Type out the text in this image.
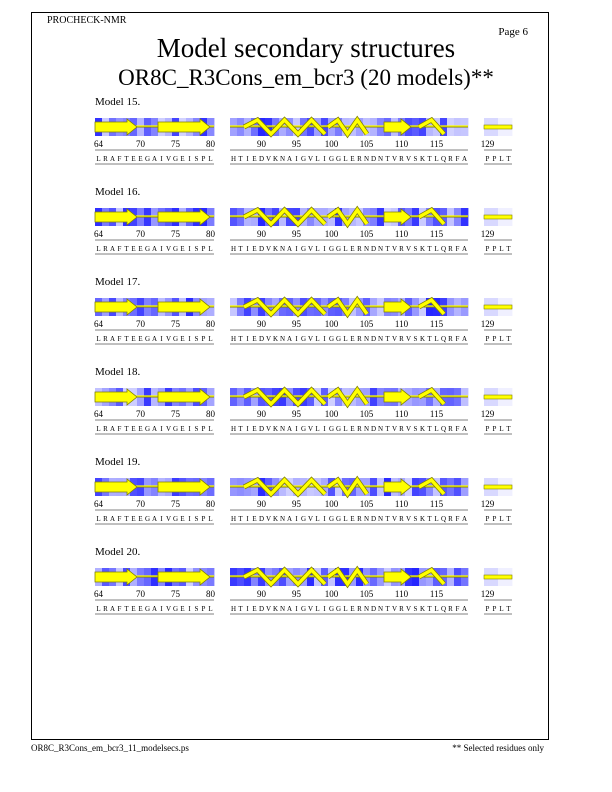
PROCHECK-NMR
Page 6
Model secondary structures
OR8C_R3Cons_em_bcr3 (20 models)**
Model 15.
64	70	75	80
L R A F T E E G A I V G E I S P L
90	95	100 105 110 115
H T I E D V K N A I G V L I G G L E R N D N T V R V S K T L Q R F A
129
P P L T
Model 16.
64	70	75	80
L R A F T E E G A I V G E I S P L
90	95	100 105 110 115
H T I E D V K N A I G V L I G G L E R N D N T V R V S K T L Q R F A
129
P P L T
Model 17.
64	70	75	80
L R A F T E E G A I V G E I S P L
90	95	100 105 110 115
H T I E D V K N A I G V L I G G L E R N D N T V R V S K T L Q R F A
129
P P L T
Model 18.
64	70	75	80
L R A F T E E G A I V G E I S P L
90	95	100 105 110 115
H T I E D V K N A I G V L I G G L E R N D N T V R V S K T L Q R F A
129
P P L T
Model 19.
64	70	75	80
L R A F T E E G A I V G E I S P L
90	95	100 105 110 115
H T I E D V K N A I G V L I G G L E R N D N T V R V S K T L Q R F A
129
P P L T
Model 20.
64	70	75	80
L R A F T E E G A I V G E I S P L
90	95	100 105 110 115
H T I E D V K N A I G V L I G G L E R N D N T V R V S K T L Q R F A
129
P P L T
OR8C_R3Cons_em_bcr3_11_modelsecs.ps	** Selected residues only
